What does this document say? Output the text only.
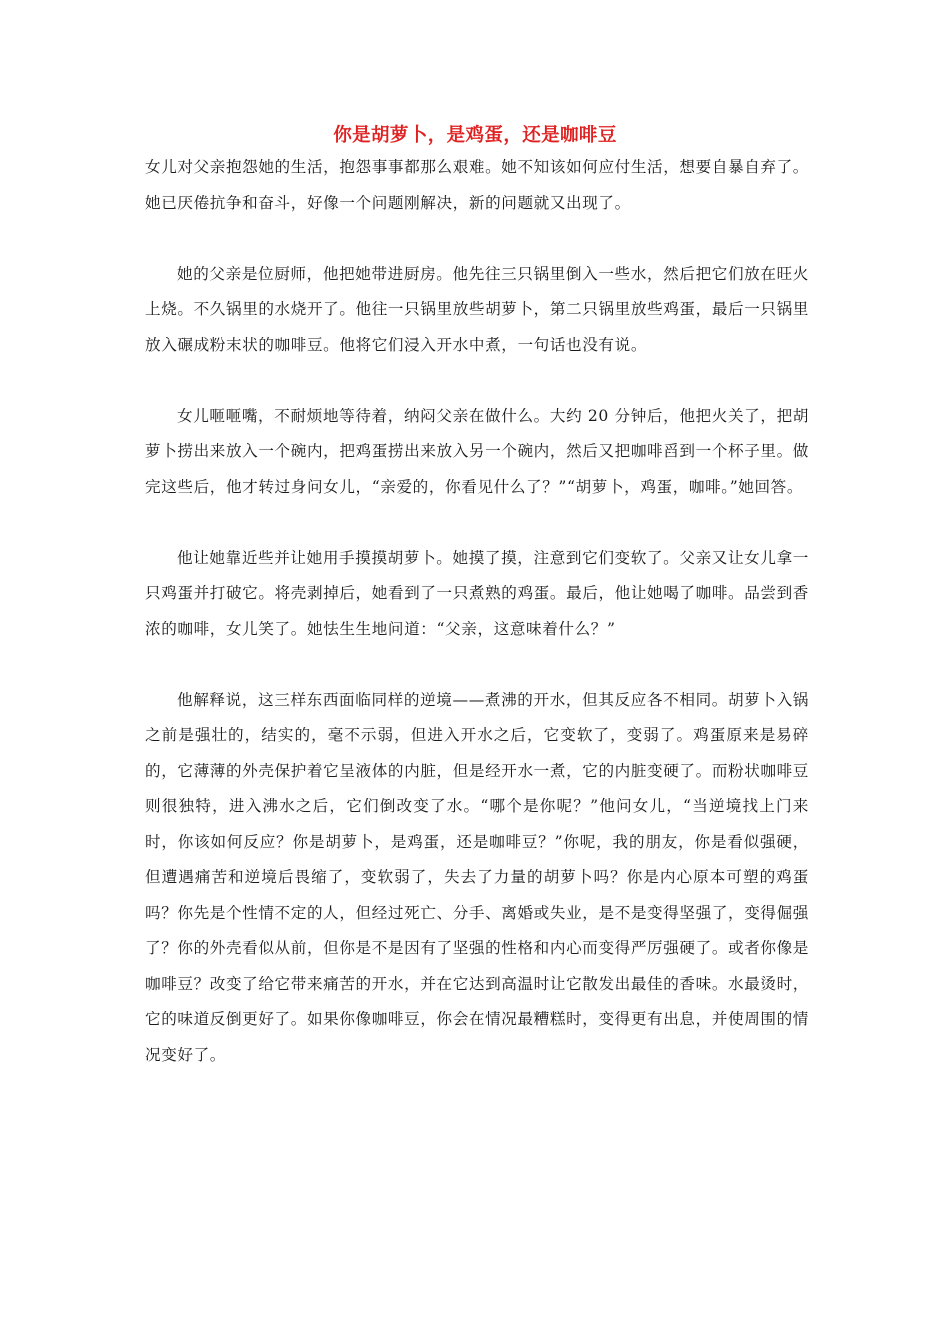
你是胡萝卜，是鸡蛋，还是咖啡豆

女儿对父亲抱怨她的生活，抱怨事事都那么艰难。她不知该如何应付生活，想要自暴自弃了。她已厌倦抗争和奋斗，好像一个问题刚解决，新的问题就又出现了。

她的父亲是位厨师，他把她带进厨房。他先往三只锅里倒入一些水，然后把它们放在旺火上烧。不久锅里的水烧开了。他往一只锅里放些胡萝卜，第二只锅里放些鸡蛋，最后一只锅里放入碾成粉末状的咖啡豆。他将它们浸入开水中煮，一句话也没有说。

女儿咂咂嘴，不耐烦地等待着，纳闷父亲在做什么。大约 20 分钟后，他把火关了，把胡萝卜捞出来放入一个碗内，把鸡蛋捞出来放入另一个碗内，然后又把咖啡舀到一个杯子里。做完这些后，他才转过身问女儿，“亲爱的，你看见什么了？”“胡萝卜，鸡蛋，咖啡。”她回答。

他让她靠近些并让她用手摸摸胡萝卜。她摸了摸，注意到它们变软了。父亲又让女儿拿一只鸡蛋并打破它。将壳剥掉后，她看到了一只煮熟的鸡蛋。最后，他让她喝了咖啡。品尝到香浓的咖啡，女儿笑了。她怯生生地问道：“父亲，这意味着什么？”

他解释说，这三样东西面临同样的逆境——煮沸的开水，但其反应各不相同。胡萝卜入锅之前是强壮的，结实的，毫不示弱，但进入开水之后，它变软了，变弱了。鸡蛋原来是易碎的，它薄薄的外壳保护着它呈液体的内脏，但是经开水一煮，它的内脏变硬了。而粉状咖啡豆则很独特，进入沸水之后，它们倒改变了水。“哪个是你呢？”他问女儿，“当逆境找上门来时，你该如何反应？你是胡萝卜，是鸡蛋，还是咖啡豆？”你呢，我的朋友，你是看似强硬，但遭遇痛苦和逆境后畏缩了，变软弱了，失去了力量的胡萝卜吗？你是内心原本可塑的鸡蛋吗？你先是个性情不定的人，但经过死亡、分手、离婚或失业，是不是变得坚强了，变得倔强了？你的外壳看似从前，但你是不是因有了坚强的性格和内心而变得严厉强硬了。或者你像是咖啡豆？改变了给它带来痛苦的开水，并在它达到高温时让它散发出最佳的香味。水最烫时，它的味道反倒更好了。如果你像咖啡豆，你会在情况最糟糕时，变得更有出息，并使周围的情况变好了。
